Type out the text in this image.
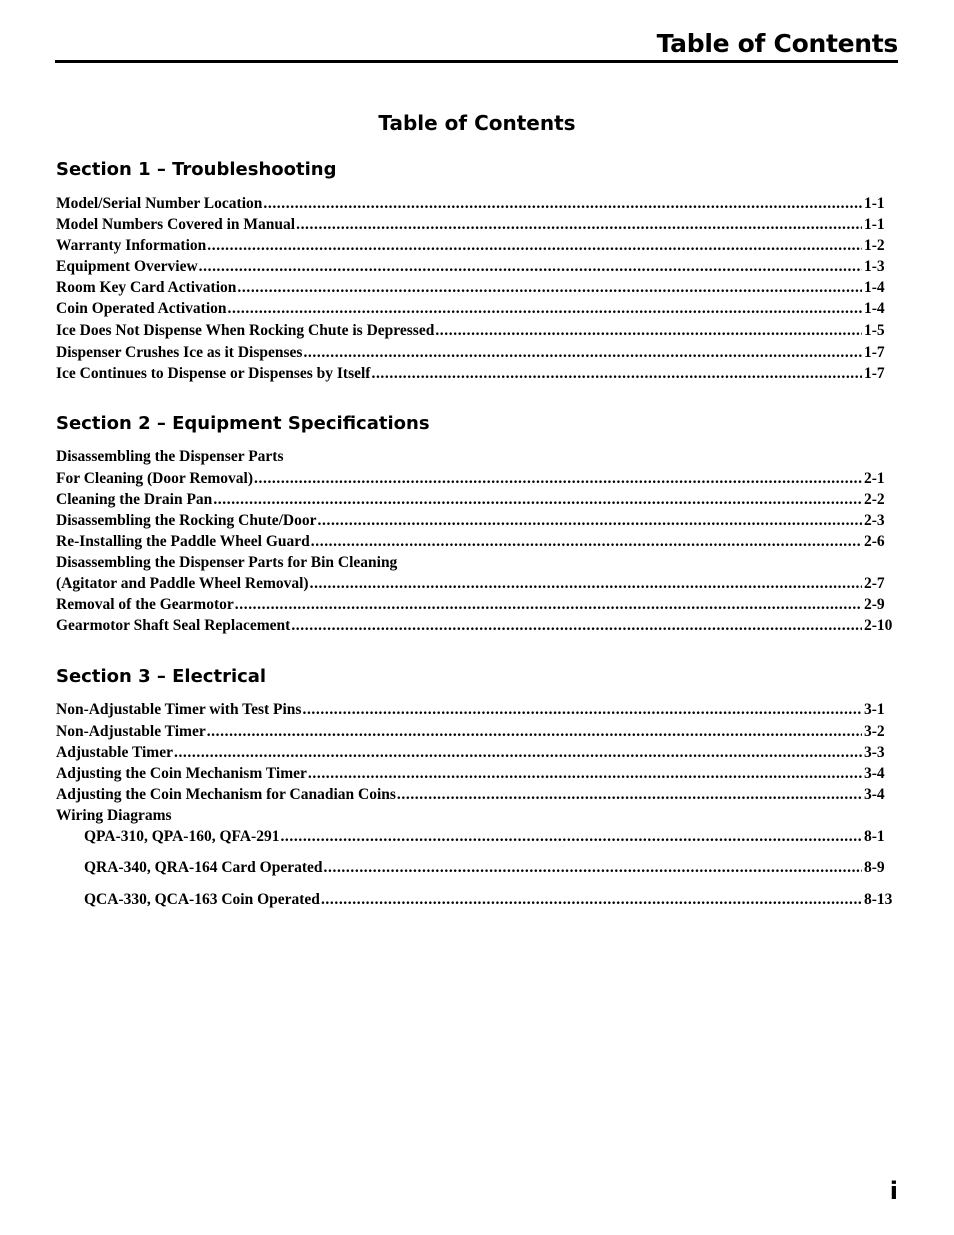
Table of Contents
Table of Contents
Section 1 – Troubleshooting
Model/Serial Number Location .....	1-1
Model Numbers Covered in Manual .....	1-1
Warranty Information .....	1-2
Equipment Overview .....	1-3
Room Key Card Activation .....	1-4
Coin Operated Activation .....	1-4
Ice Does Not Dispense When Rocking Chute is Depressed .....	1-5
Dispenser Crushes Ice as it Dispenses .....	1-7
Ice Continues to Dispense or Dispenses by Itself .....	1-7
Section 2 – Equipment Specifications
Disassembling the Dispenser Parts
For Cleaning (Door Removal) .....	2-1
Cleaning the Drain Pan .....	2-2
Disassembling the Rocking Chute/Door .....	2-3
Re-Installing the Paddle Wheel Guard .....	2-6
Disassembling the Dispenser Parts for Bin Cleaning
(Agitator and Paddle Wheel Removal) .....	2-7
Removal of the Gearmotor .....	2-9
Gearmotor Shaft Seal Replacement .....	2-10
Section 3 – Electrical
Non-Adjustable Timer with Test Pins .....	3-1
Non-Adjustable Timer .....	3-2
Adjustable Timer .....	3-3
Adjusting the Coin Mechanism Timer .....	3-4
Adjusting the Coin Mechanism for Canadian Coins .....	3-4
Wiring Diagrams
QPA-310, QPA-160, QFA-291 .....	8-1
QRA-340, QRA-164 Card Operated .....	8-9
QCA-330, QCA-163 Coin Operated .....	8-13
i
